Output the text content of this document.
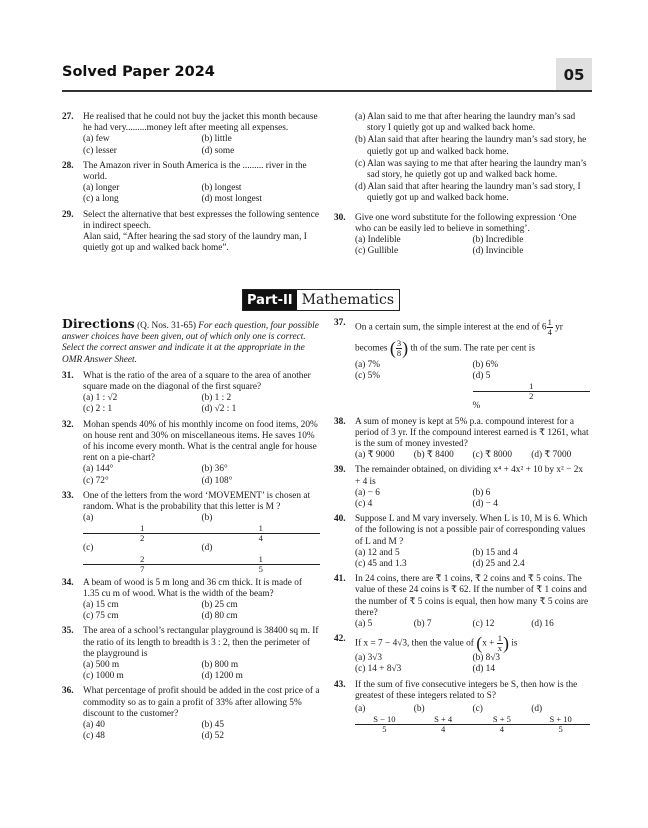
Solved Paper 2024	05
27. He realised that he could not buy the jacket this month because he had very.........money left after meeting all expenses.
(a) few	(b) little
(c) lesser	(d) some
28. The Amazon river in South America is the ......... river in the world.
(a) longer	(b) longest
(c) a long	(d) most longest
29. Select the alternative that best expresses the following sentence in indirect speech.
Alan said, “After hearing the sad story of the laundry man, I quietly got up and walked back home”.

(a) Alan said to me that after hearing the laundry man’s sad story I quietly got up and walked back home.

(b) Alan said that after hearing the laundry man’s sad story, he quietly got up and walked back home.

(c) Alan was saying to me that after hearing the laundry man’s sad story, he quietly got up and walked back home.

(d) Alan said that after hearing the laundry man’s sad story, I quietly got up and walked back home.

30. Give one word substitute for the following expression ‘One who can be easily led to believe in something’.
(a) Indelible	(b) Incredible
(c) Gullible	(d) Invincible
Part-II Mathematics
Directions (Q. Nos. 31-65) For each question, four possible answer choices have been given, out of which only one is correct. Select the correct answer and indicate it at the appropriate in the OMR Answer Sheet.
31. What is the ratio of the area of a square to the area of another square made on the diagonal of the first square?
(a) 1 : √2	(b) 1 : 2
(c) 2 : 1	(d) √2 : 1
32. Mohan spends 40% of his monthly income on food items, 20% on house rent and 30% on miscellaneous items. He saves 10% of his income every month. What is the central angle for house rent on a pie-chart?
(a) 144°	(b) 36°
(c) 72°	(d) 108°
33. One of the letters from the word ‘MOVEMENT’ is chosen at random. What is the probability that this letter is M ?
(a)
1
2
(b)
1
4
(c)
2
7
(d)
1
5
34. A beam of wood is 5 m long and 36 cm thick. It is made of 1.35 cu m of wood. What is the width of the beam?
(a) 15 cm	(b) 25 cm
(c) 75 cm	(d) 80 cm
35. The area of a school’s rectangular playground is 38400 sq m. If the ratio of its length to breadth is 3 : 2, then the perimeter of the playground is
(a) 500 m	(b) 800 m
(c) 1000 m	(d) 1200 m
36. What percentage of profit should be added in the cost price of a commodity so as to gain a profit of 33% after allowing 5% discount to the customer?
(a) 40	(b) 45
(c) 48	(d) 52
37. On a certain sum, the simple interest at the end of $6 \frac{1}{4}$ yr
becomes ( $\frac{3}{8}$ ) th of the sum. The rate per cent is
(a) 7%	(b) 6%
(c) 5%	(d) 5
1
2
%
38. A sum of money is kept at 5% p.a. compound interest for a period of 3 yr. If the compound interest earned is ₹ 1261, what is the sum of money invested?
(a) ₹ 9000	(b) ₹ 8400	(c) ₹ 8000	(d) ₹ 7000
39. The remainder obtained, on dividing x⁴ + 4x² + 10 by x² − 2x + 4 is
(a) − 6	(b) 6
(c) 4	(d) − 4
40. Suppose L and M vary inversely. When L is 10, M is 6. Which of the following is not a possible pair of corresponding values of L and M ?
(a) 12 and 5	(b) 15 and 4
(c) 45 and 1.3	(d) 25 and 2.4
41. In 24 coins, there are ₹ 1 coins, ₹ 2 coins and ₹ 5 coins. The value of these 24 coins is ₹ 62. If the number of ₹ 1 coins and the number of ₹ 5 coins is equal, then how many ₹ 5 coins are there?
(a) 5	(b) 7	(c) 12	(d) 16
42. If x = 7 − 4√3, then the value of ($x + \frac{1}{x}$ ) is
(a) 3√3	(b) 8√3
(c) 14 + 8√3	(d) 14
43. If the sum of five consecutive integers be S, then how is the greatest of these integers related to S?
(a)
S − 10
5
(b)
S + 4
4
(c)
S + 5
4
(d)
S + 10
5
